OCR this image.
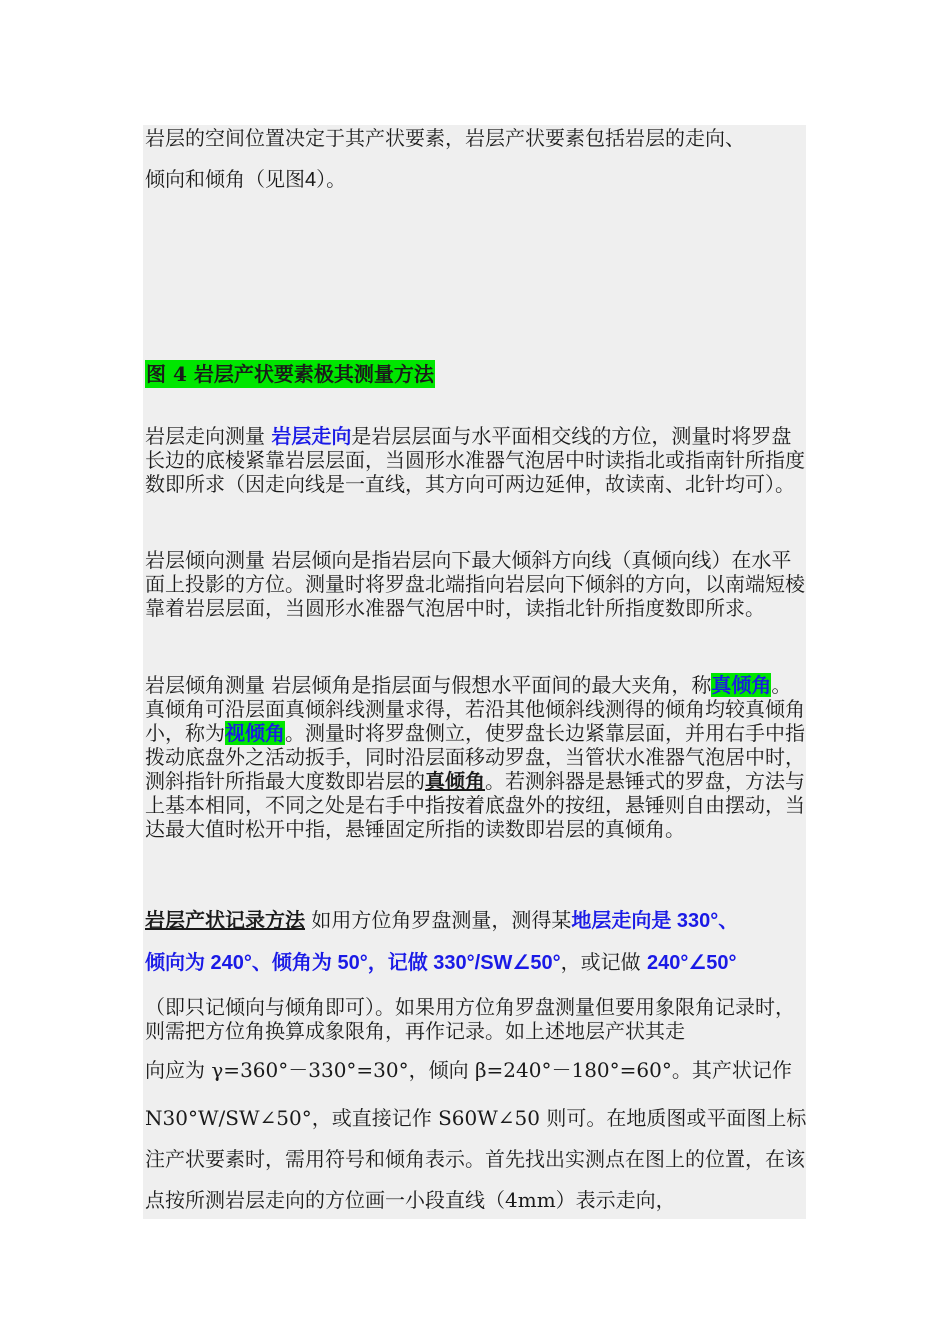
岩层的空间位置决定于其产状要素，岩层产状要素包括岩层的走向、
倾向和倾角（见图4）。

图 4 岩层产状要素极其测量方法

岩层走向测量 岩层走向是岩层层面与水平面相交线的方位，测量时将罗盘长边的底棱紧靠岩层层面，当圆形水准器气泡居中时读指北或指南针所指度数即所求（因走向线是一直线，其方向可两边延伸，故读南、北针均可）。

岩层倾向测量 岩层倾向是指岩层向下最大倾斜方向线（真倾向线）在水平面上投影的方位。测量时将罗盘北端指向岩层向下倾斜的方向，以南端短棱靠着岩层层面，当圆形水准器气泡居中时，读指北针所指度数即所求。

岩层倾角测量 岩层倾角是指层面与假想水平面间的最大夹角，称真倾角。真倾角可沿层面真倾斜线测量求得，若沿其他倾斜线测得的倾角均较真倾角小，称为视倾角。测量时将罗盘侧立，使罗盘长边紧靠层面，并用右手中指拨动底盘外之活动扳手，同时沿层面移动罗盘，当管状水准器气泡居中时，测斜指针所指最大度数即岩层的真倾角。若测斜器是悬锤式的罗盘，方法与上基本相同，不同之处是右手中指按着底盘外的按纽，悬锤则自由摆动，当达最大值时松开中指，悬锤固定所指的读数即岩层的真倾角。

岩层产状记录方法 如用方位角罗盘测量，测得某地层走向是 330°、
倾向为 240°、倾角为 50°，记做 330°/SW∠50°，或记做 240°∠50°

（即只记倾向与倾角即可）。如果用方位角罗盘测量但要用象限角记录时，则需把方位角换算成象限角，再作记录。如上述地层产状其走

向应为 γ=360°－330°=30°，倾向 β=240°－180°=60°。其产状记作

N30°W/SW∠50°，或直接记作 S60W∠50 则可。在地质图或平面图上标注产状要素时，需用符号和倾角表示。首先找出实测点在图上的位置，在该点按所测岩层走向的方位画一小段直线（4mm）表示走向，
